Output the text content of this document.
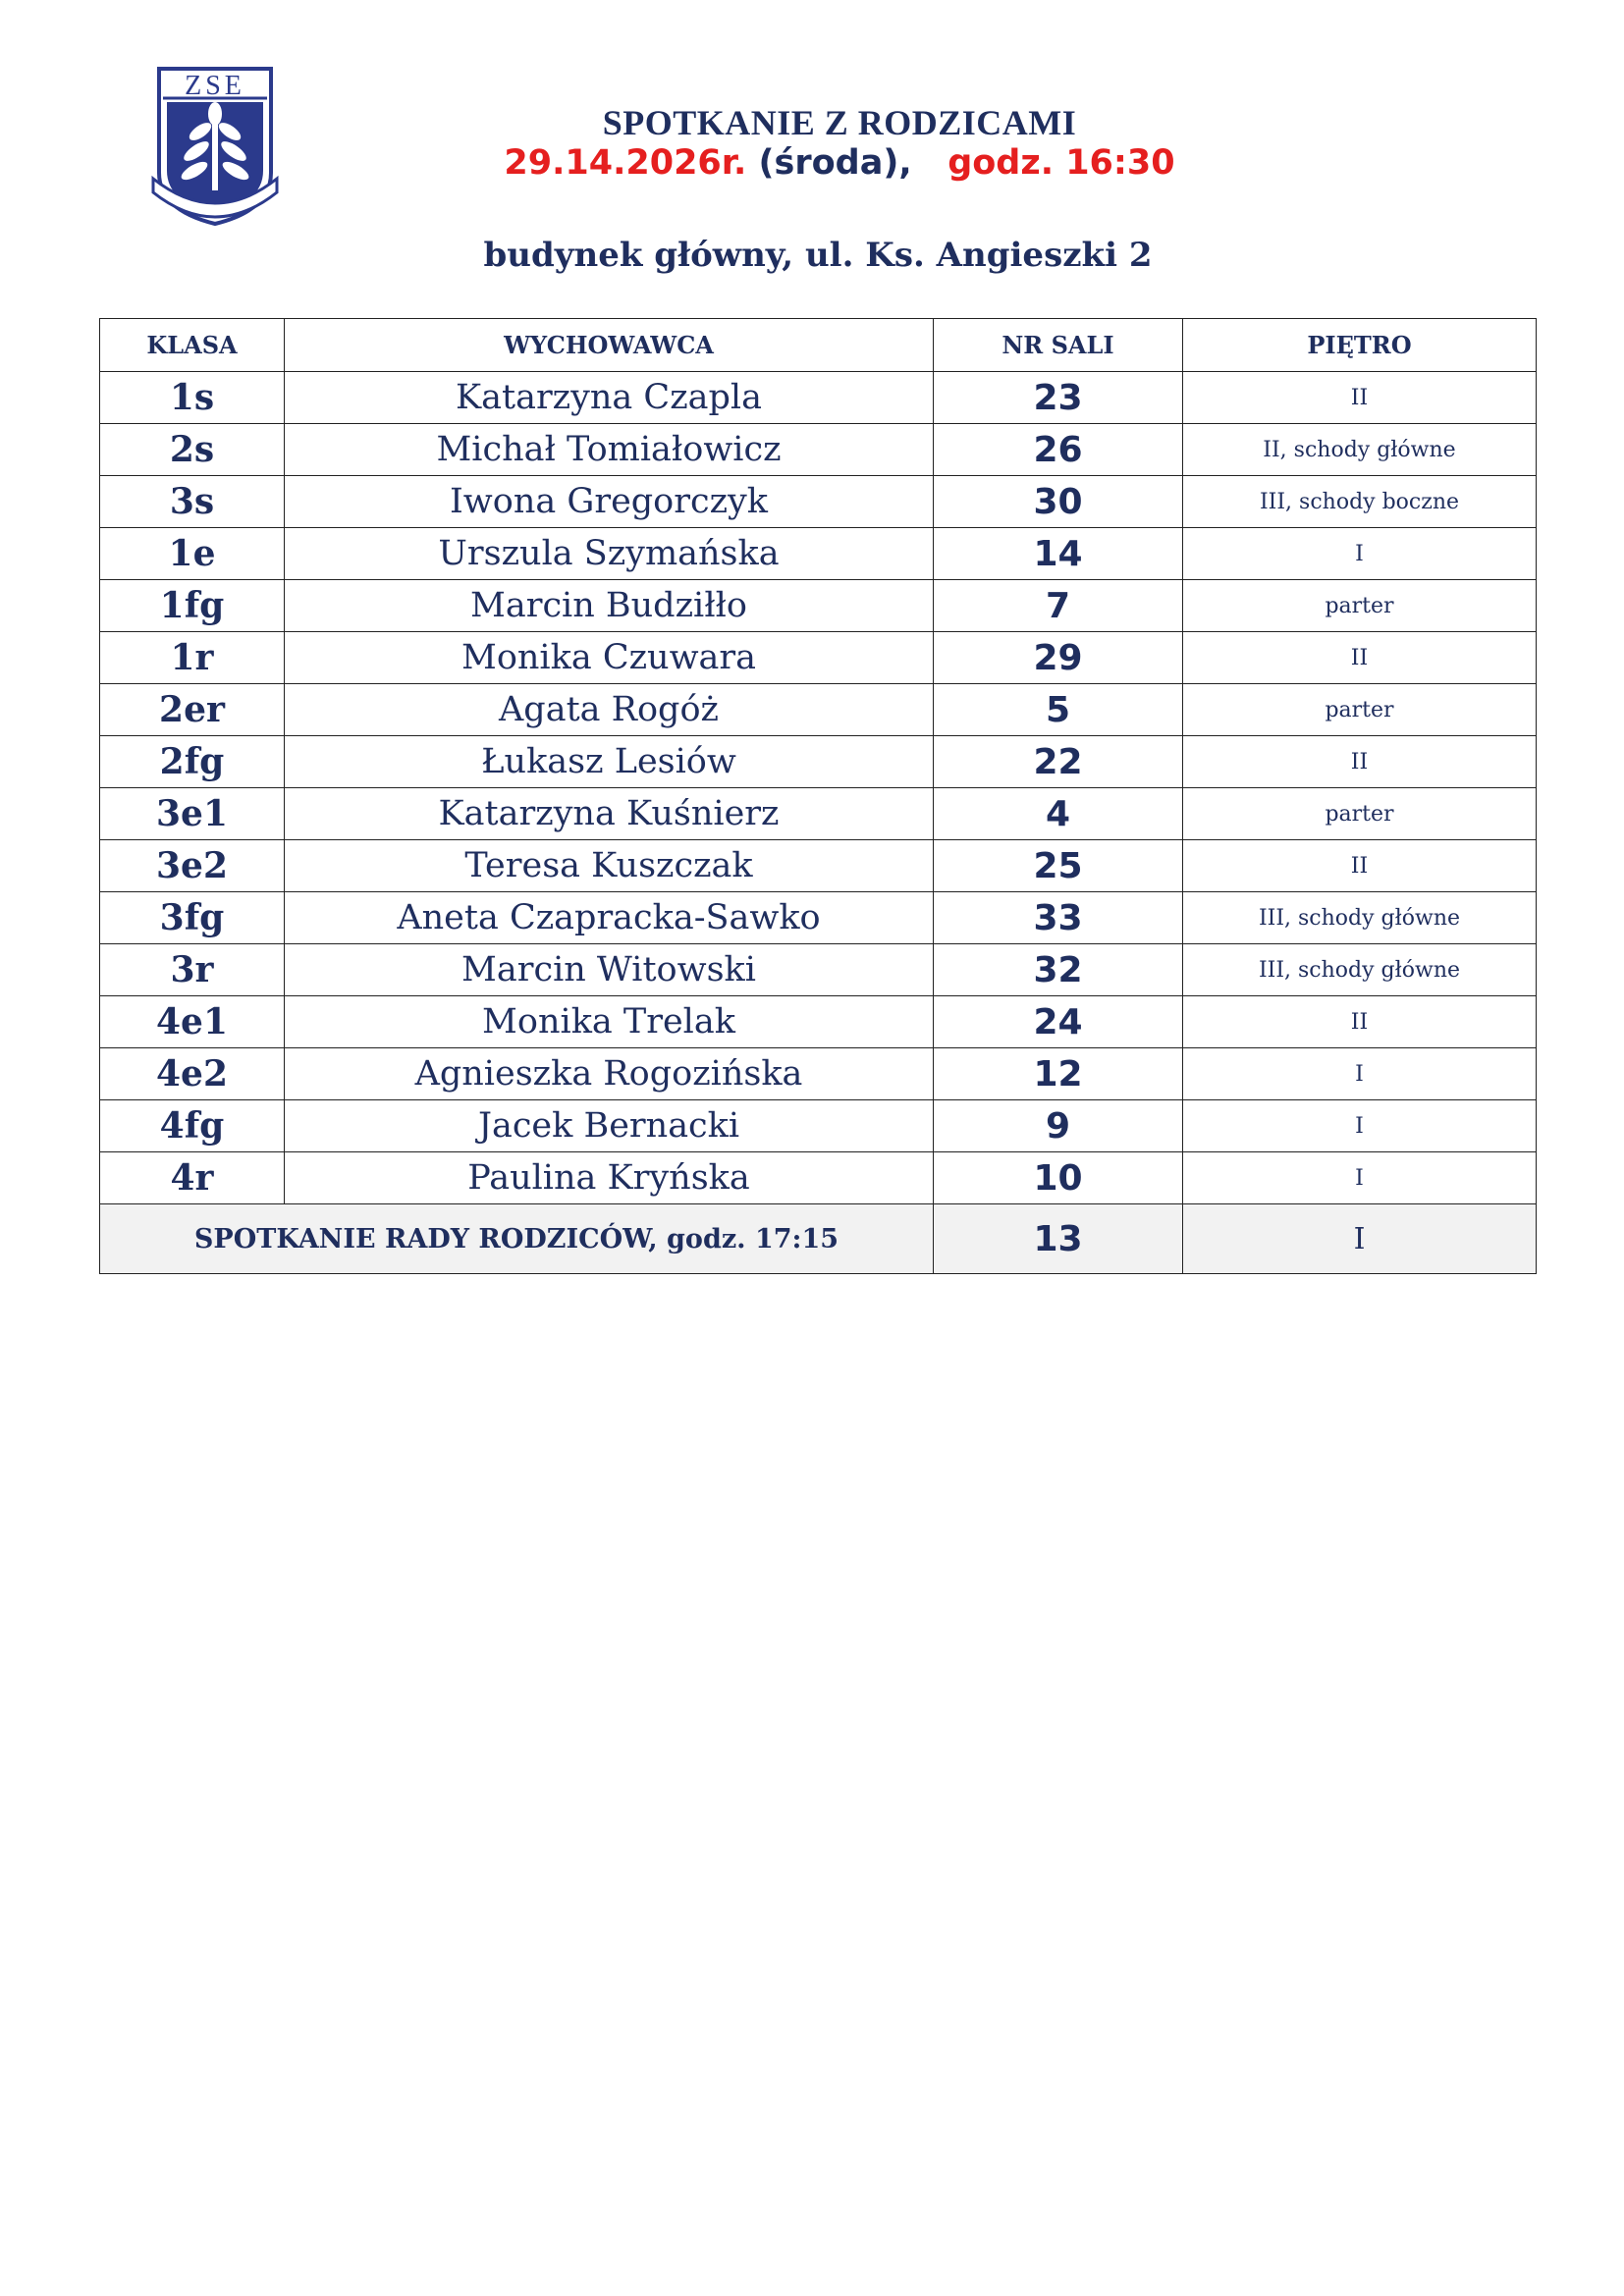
ZSE
SPOTKANIE Z RODZICAMI
29.14.2026r. (środa), godz. 16:30
budynek główny, ul. Ks. Angieszki 2
KLASA	WYCHOWAWCA	NR SALI	PIĘTRO
1s	Katarzyna Czapla	23	II
2s	Michał Tomiałowicz	26	II, schody główne
3s	Iwona Gregorczyk	30	III, schody boczne
1e	Urszula Szymańska	14	I
1fg	Marcin Budziłło	7	parter
1r	Monika Czuwara	29	II
2er	Agata Rogóż	5	parter
2fg	Łukasz Lesiów	22	II
3e1	Katarzyna Kuśnierz	4	parter
3e2	Teresa Kuszczak	25	II
3fg	Aneta Czapracka-Sawko	33	III, schody główne
3r	Marcin Witowski	32	III, schody główne
4e1	Monika Trelak	24	II
4e2	Agnieszka Rogozińska	12	I
4fg	Jacek Bernacki	9	I
4r	Paulina Kryńska	10	I
SPOTKANIE RADY RODZICÓW, godz. 17:15		13	I
